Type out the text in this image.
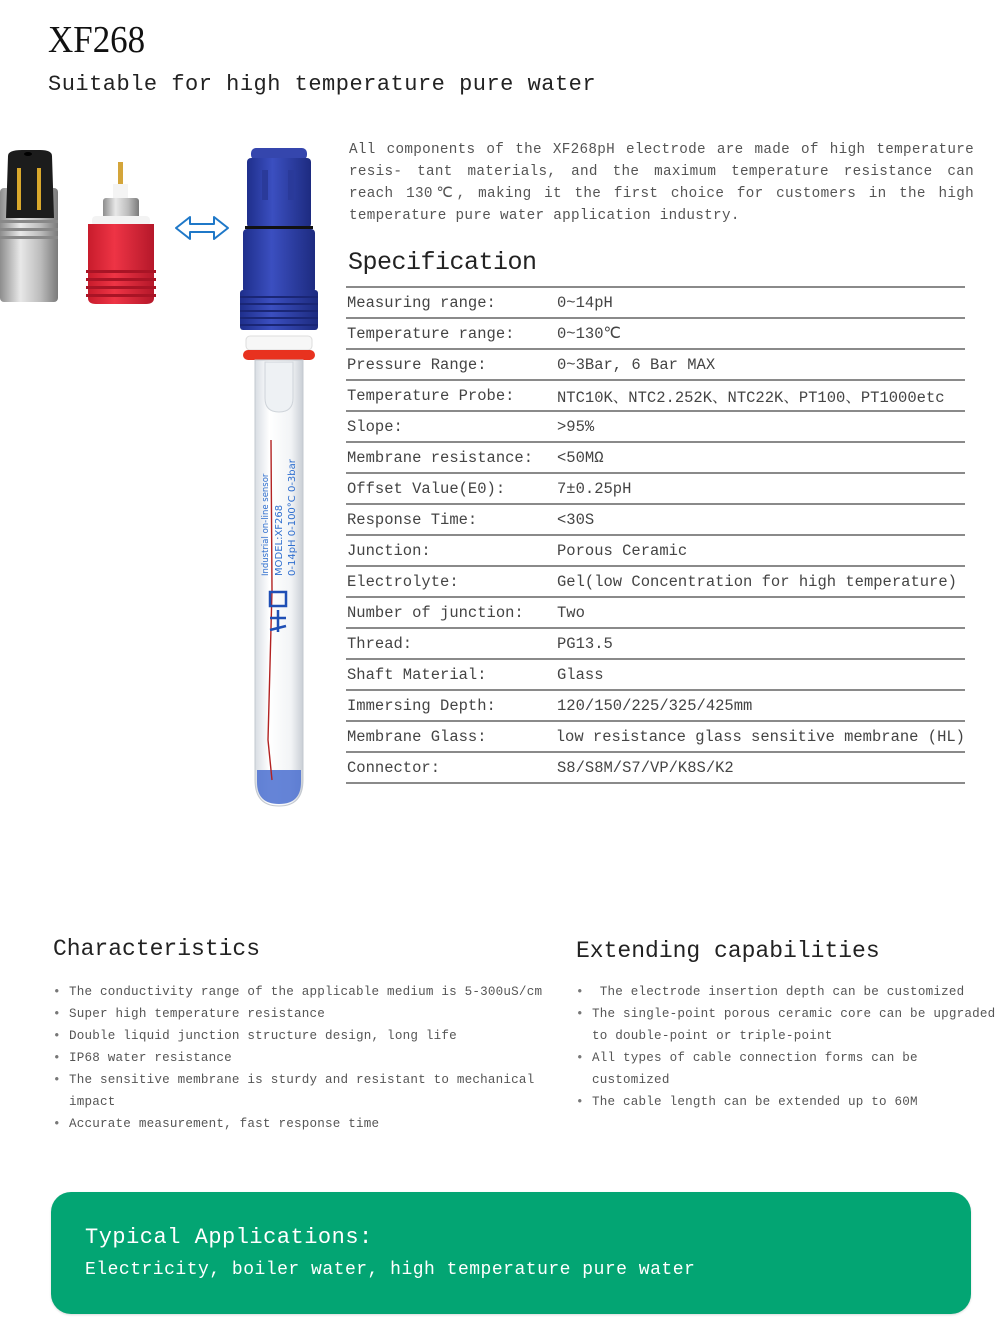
XF268
Suitable for high temperature pure water
Industrial on-line sensor MODEL:XF268 0-14pH 0-100°C 0-3bar
All components of the XF268pH electrode are made of high temperature resis- tant materials, and the maximum temperature resistance can reach 130℃, making it the first choice for customers in the high temperature pure water application industry.
Specification
Measuring range:	0~14pH
Temperature range:	0~130℃
Pressure Range:	0~3Bar, 6 Bar MAX
Temperature Probe:	NTC10K、NTC2.252K、NTC22K、PT100、PT1000etc
Slope:	>95%
Membrane resistance:	<50MΩ
Offset Value(E0):	7±0.25pH
Response Time:	<30S
Junction:	Porous Ceramic
Electrolyte:	Gel(low Concentration for high temperature)
Number of junction:	Two
Thread:	PG13.5
Shaft Material:	Glass
Immersing Depth:	120/150/225/325/425mm
Membrane Glass:	low resistance glass sensitive membrane (HL)
Connector:	S8/S8M/S7/VP/K8S/K2
Characteristics
• The conductivity range of the applicable medium is 5-300uS/cm
• Super high temperature resistance
• Double liquid junction structure design, long life
• IP68 water resistance
• The sensitive membrane is sturdy and resistant to mechanical impact
• Accurate measurement, fast response time
Extending capabilities
•  The electrode insertion depth can be customized
• The single-point porous ceramic core can be upgraded to double-point or triple-point
• All types of cable connection forms can be customized
• The cable length can be extended up to 60M
Typical Applications:
Electricity, boiler water, high temperature pure water
